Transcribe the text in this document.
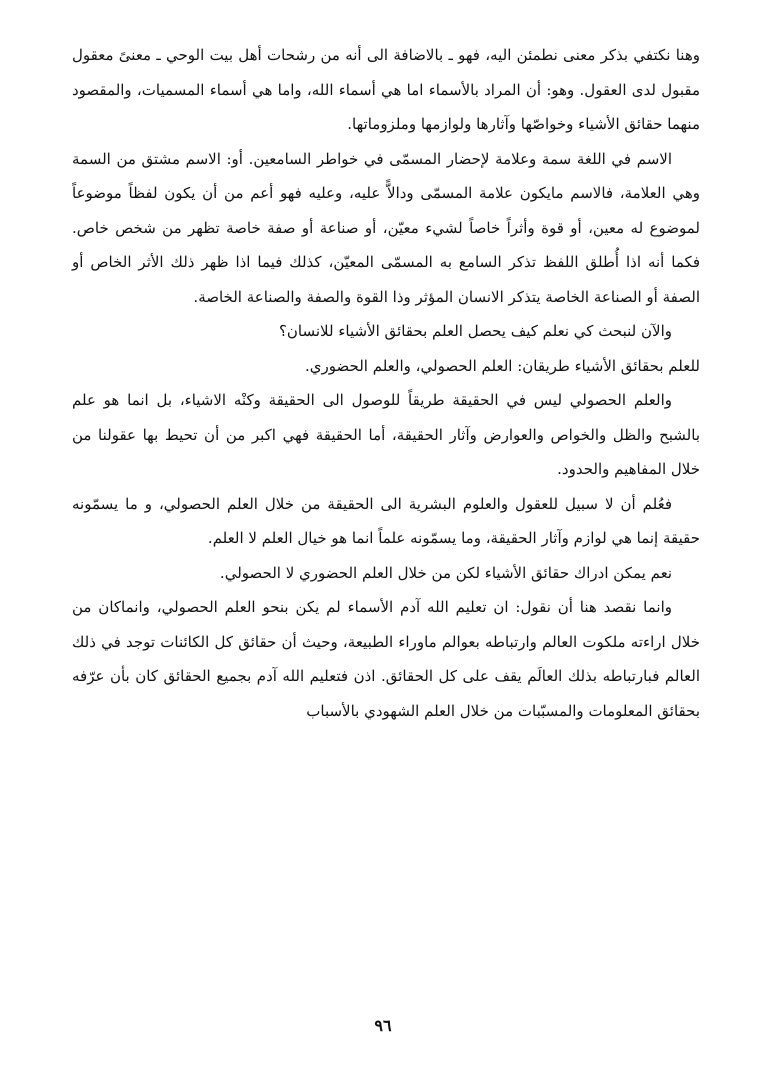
وهنا نكتفي بذكر معنى نطمئن اليه، فهو ـ بالاضافة الى أنه من رشحات أهل بيت الوحي ـ معنىً معقول مقبول لدى العقول. وهو: أن المراد بالأسماء اما هي أسماء الله، واما هي أسماء المسميات، والمقصود منهما حقائق الأشياء وخواصّها وآثارها ولوازمها وملزوماتها.

الاسم في اللغة سمة وعلامة لإحضار المسمّى في خواطر السامعين. أو: الاسم مشتق من السمة وهي العلامة، فالاسم مايكون علامة المسمّى ودالاًّ عليه، وعليه فهو أعم من أن يكون لفظاً موضوعاً لموضوع له معين، أو قوة وأثراً خاصاً لشيء معيّن، أو صناعة أو صفة خاصة تظهر من شخص خاص. فكما أنه اذا أُطلق اللفظ تذكر السامع به المسمّى المعيّن، كذلك فيما اذا ظهر ذلك الأثر الخاص أو الصفة أو الصناعة الخاصة يتذكر الانسان المؤثر وذا القوة والصفة والصناعة الخاصة.

والآن لنبحث كي نعلم كيف يحصل العلم بحقائق الأشياء للانسان؟

للعلم بحقائق الأشياء طريقان: العلم الحصولي، والعلم الحضوري.

والعلم الحصولي ليس في الحقيقة طريقاً للوصول الى الحقيقة وكنْه الاشياء، بل انما هو علم بالشبح والظل والخواص والعوارض وآثار الحقيقة، أما الحقيقة فهي اكبر من أن تحيط بها عقولنا من خلال المفاهيم والحدود.

فعُلم أن لا سبيل للعقول والعلوم البشرية الى الحقيقة من خلال العلم الحصولي، و ما يسمّونه حقيقة إنما هي لوازم وآثار الحقيقة، وما يسمّونه علماً انما هو خيال العلم لا العلم.

نعم يمكن ادراك حقائق الأشياء لكن من خلال العلم الحضوري لا الحصولي.

وانما نقصد هنا أن نقول: ان تعليم الله آدم الأسماء لم يكن بنحو العلم الحصولي، وانماكان من خلال اراءته ملكوت العالم وارتباطه بعوالم ماوراء الطبيعة، وحيث أن حقائق كل الكائنات توجد في ذلك العالم فبارتباطه بذلك العالَم يقف على كل الحقائق. اذن فتعليم الله آدم بجميع الحقائق كان بأن عرّفه بحقائق المعلومات والمسبّبات من خلال العلم الشهودي بالأسباب

٩٦
